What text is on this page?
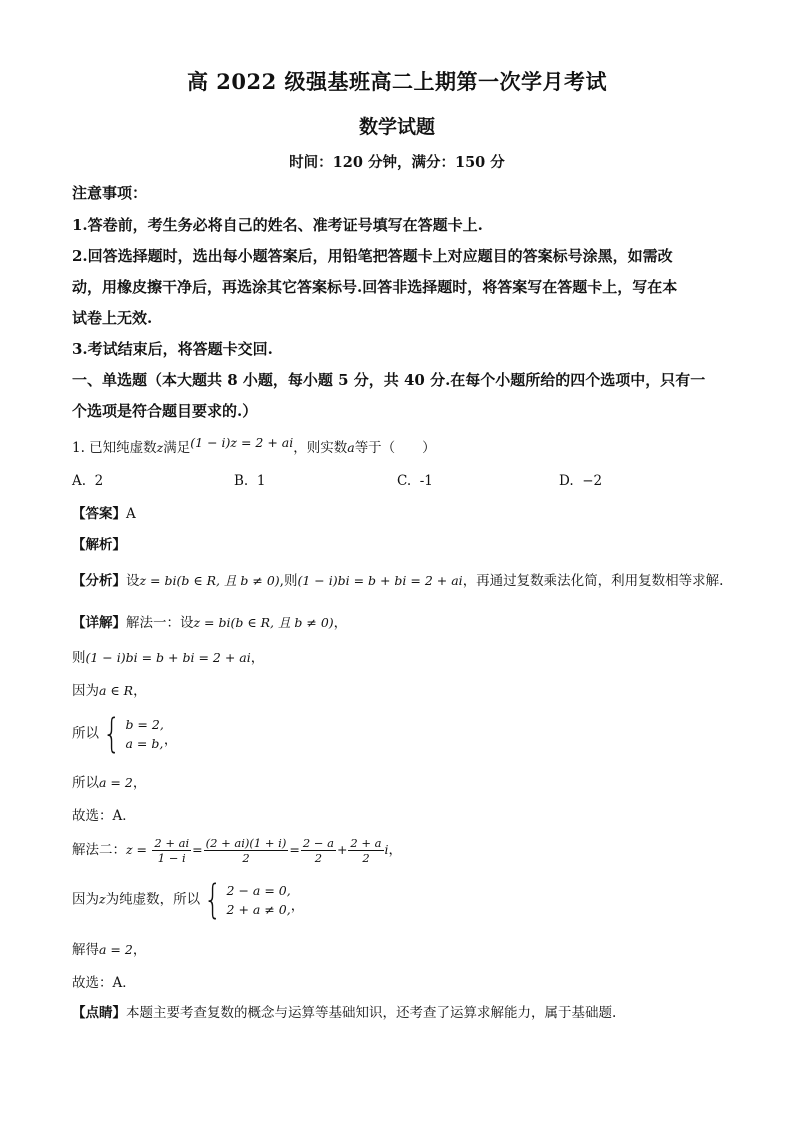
高 2022 级强基班高二上期第一次学月考试
数学试题
时间：120 分钟，满分：150 分
注意事项：
1.答卷前，考生务必将自己的姓名、准考证号填写在答题卡上.
2.回答选择题时，选出每小题答案后，用铅笔把答题卡上对应题目的答案标号涂黑，如需改
动，用橡皮擦干净后，再选涂其它答案标号.回答非选择题时，将答案写在答题卡上，写在本
试卷上无效.
3.考试结束后，将答题卡交回.
一、单选题（本大题共 8 小题，每小题 5 分，共 40 分.在每个小题所给的四个选项中，只有一
个选项是符合题目要求的.）
1. 已知纯虚数z满足(1 − i)z = 2 + ai，则实数a等于（　　）
A. 2	B. 1	C. -1	D. −2
【答案】A
【解析】
【分析】设z = bi(b ∈ R, 且 b ≠ 0),则(1 − i)bi = b + bi = 2 + ai，再通过复数乘法化简，利用复数相等求解.
【详解】解法一：设z = bi(b ∈ R, 且 b ≠ 0)，
则(1 − i)bi = b + bi = 2 + ai，
因为a ∈ R，
所以 { b = 2,
a = b, ，
所以a = 2，
故选：A．
解法二：$z = \frac{2 + ai}{1 - i} = \frac{(2 + ai)(1 + i)}{2} = \frac{2 - a}{2} + \frac{2 + a}{2}$ i，
因为z为纯虚数，所以 { 2 − a = 0,
2 + a ≠ 0, ，
解得a = 2，
故选：A．
【点睛】本题主要考查复数的概念与运算等基础知识，还考查了运算求解能力，属于基础题.
